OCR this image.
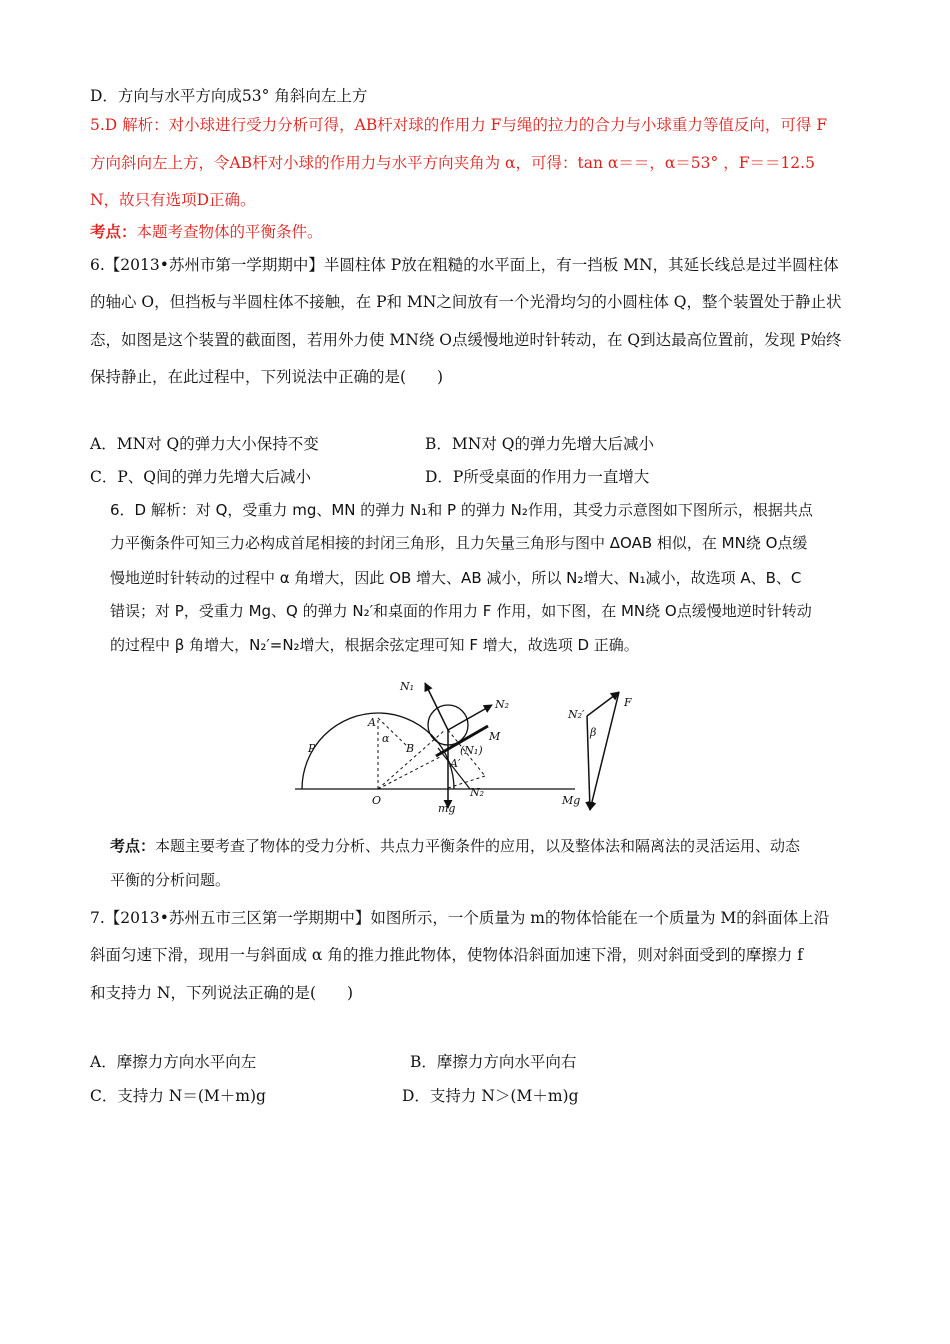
D．方向与水平方向成53° 角斜向左上方
5.D 解析：对小球进行受力分析可得，AB杆对球的作用力 F与绳的拉力的合力与小球重力等值反向，可得 F
方向斜向左上方，令AB杆对小球的作用力与水平方向夹角为 α，可得：tan α＝＝，α＝53° ，F＝＝12.5
N，故只有选项D正确。
考点：本题考查物体的平衡条件。
6.【2013•苏州市第一学期期中】半圆柱体 P放在粗糙的水平面上，有一挡板 MN，其延长线总是过半圆柱体
的轴心 O，但挡板与半圆柱体不接触，在 P和 MN之间放有一个光滑均匀的小圆柱体 Q，整个装置处于静止状
态，如图是这个装置的截面图，若用外力使 MN绕 O点缓慢地逆时针转动，在 Q到达最高位置前，发现 P始终
保持静止，在此过程中，下列说法中正确的是(　　)
A．MN对 Q的弹力大小保持不变	B．MN对 Q的弹力先增大后减小
C．P、Q间的弹力先增大后减小	D．P所受桌面的作用力一直增大
6．D 解析：对 Q，受重力 mg、MN 的弹力 N₁和 P 的弹力 N₂作用，其受力示意图如下图所示，根据共点
力平衡条件可知三力必构成首尾相接的封闭三角形，且力矢量三角形与图中 ΔOAB 相似，在 MN绕 O点缓
慢地逆时针转动的过程中 α 角增大，因此 OB 增大、AB 减小，所以 N₂增大、N₁减小，故选项 A、B、C
错误；对 P，受重力 Mg、Q 的弹力 N₂′和桌面的作用力 F 作用，如下图，在 MN绕 O点缓慢地逆时针转动
的过程中 β 角增大，N₂′=N₂增大，根据余弦定理可知 F 增大，故选项 D 正确。
N₁
N₂
A
α
B
P
O
M
(N₁)
A′
mg
N₂
N₂′
F
β
Mg
考点：本题主要考查了物体的受力分析、共点力平衡条件的应用，以及整体法和隔离法的灵活运用、动态
平衡的分析问题。
7.【2013•苏州五市三区第一学期期中】如图所示，一个质量为 m的物体恰能在一个质量为 M的斜面体上沿
斜面匀速下滑，现用一与斜面成 α 角的推力推此物体，使物体沿斜面加速下滑，则对斜面受到的摩擦力 f
和支持力 N，下列说法正确的是(　　)
A．摩擦力方向水平向左	B．摩擦力方向水平向右
C．支持力 N＝(M＋m)g	D．支持力 N＞(M＋m)g
